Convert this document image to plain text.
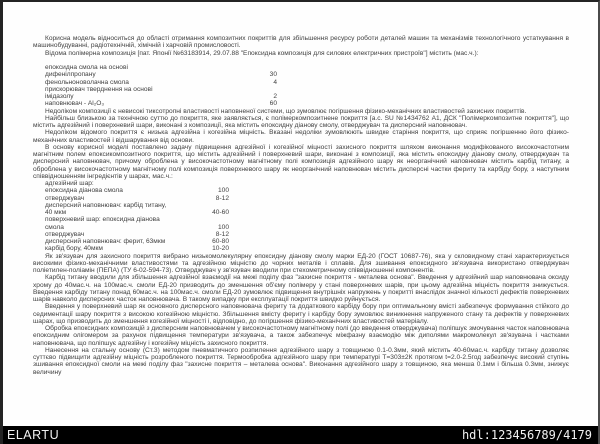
Корисна модель відноситься до області отримання композитних покриттів для збільшення ресурсу роботи деталей машин та механізмів технологічного устаткування в машинобудуванні, радіотехнічній, хімічній і харчовій промисловості.

Відома полімерна композиція [пат. Японії №63183914, 29.07.88 "Епоксидна композиція для силових електричних пристроїв"] містить (мас.ч.):

епоксидна смола на основі
дифенілпропану	30
фенольноноволачна смола	4
прискорювач тверднення на основі
імідазолу	2
наповнювач - Al₂O₃	60

Недоліком композиції є невисокі тиксотропні властивості наповненої системи, що зумовлює погіршення фізико-механічних властивостей захисних покриттів.

Найбільш близькою за технічною суттю до покриття, яке заявляється, є полімеркомпозитнене покриття [а.с. SU №1434762 А1, ДСК "Полімеркомпозитне покриття"], що містить адгезійний і поверхневий шари, виконані з композиції, яка містить епоксидну діанову смолу, отверджувач та дисперсний наповнювач.

Недоліком відомого покриття є низька адгезійна і когезійна міцність. Вказані недоліки зумовлюють швидке старіння покриття, що сприяє погіршенню його фізико-механічних властивостей і відшарування від основи.

В основу корисної моделі поставлено задачу підвищення адгезійної і когезійної міцності захисного покриття шляхом виконання модифікованого високочастотним магнітним полем епоксикомпозитного покриття, що містить адгезійний і поверхневий шари, виконані з композиції, яка містить епоксидну діанову смолу, отверджувач та дисперсний наповнювач, причому оброблена у високочастотному магнітному полі композиція адгезійного шару як неорганічний наповнювач містить карбід титану, а оброблена у високочастотному магнітному полі композиція поверхневого шару як неорганічний наповнювач містить дисперсні частки фериту та карбіду бору, з наступним співвідношенням інгредієнтів у шарах, мас.ч.:

адгезійний шар:
епоксидна діанова смола	100
отверджувач	8-12
дисперсний наповнювач: карбід титану,
40 мкм	40-60
поверхневий шар: епоксидна діанова
смола	100
отверджувач	8-12
дисперсний наповнювач: ферит, 63мкм	60-80
карбід бору, 40мкм	10-20

Як зв'язувач для захисного покриття вибрано низькомолекулярну епоксидну діанову смолу марки ЕД-20 (ГОСТ 10687-76), яка у скловидному стані характеризується високими фізико-механічними властивостями та адгезійною міцністю до чорних металів і сплавів. Для зшивання епоксидного зв'язувача використано отверджувач поліетилен-поліамін (ПЕПА) (ТУ 6-02-594-73). Отверджувач у зв'язувач вводили при стехометричному співвідношенні компонентів.

Карбід титану вводили для збільшення адгезійної взаємодії на межі поділу фаз "захисне покриття - металева основа". Введення у адгезійний шар наповнювача оксиду хрому до 40мас.ч. на 100мас.ч. смоли ЕД-20 призводить до зменшення об'єму полімеру у стані поверхневих шарів, при цьому адгезійна міцність покриття знижується. Введення карбіду титану понад 60мас.ч. на 100мас.ч. смоли ЕД-20 зумовлює підвищення внутрішніх напружень у покритті внаслідок значної кількості дефектів поверхневих шарів навколо дисперсних часток наповнювача. В такому випадку при експлуатації покриття швидко руйнується.

Введення у поверхневий шар як основного дисперсного наповнювача фериту та додаткового карбіду бору при оптимальному вмісті забезпечує формування стійкого до седиментації шару покриття з високою когезійною міцністю. Збільшення вмісту фериту і карбіду бору зумовлює виникнення напруженого стану та дефектів у поверхневих шарах, що призводить до зменшення когезійної міцності і, відповідно, до погіршення фізико-механічних властивостей матеріалу.

Обробка епоксидних композицій з дисперсним наповнювачем у високочастотному магнітному полі (до введення отверджувача) поліпшує змочування часток наповнювача епоксидним олігомером за рахунок підвищення температури зв'язувача, а також забезпечує міжфазну взаємодію між диполями макромолекул зв'язувача і частками наповнювача, що поліпшує адгезійну і когезійну міцність захисного покриття.

Нанесення на стальну основу (Ст.3) методом пневматичного розпилення адгезійного шару з товщиною 0.1-0.3мм, який містить 40-60мас.ч. карбіду титану дозволяє суттєво підвищити адгезійну міцність розробленого покриття. Термообробка адгезійного шару при температурі Т=303±2К протягом t=2.0-2.5год забезпечує високий ступінь зшивання епоксидної смоли на межі поділу фаз "захисне покриття – металева основа". Виконання адгезійного шару з товщиною, яка менша 0.1мм і більша 0.3мм, знижує величину

ELARTU	hdl:123456789/4179
